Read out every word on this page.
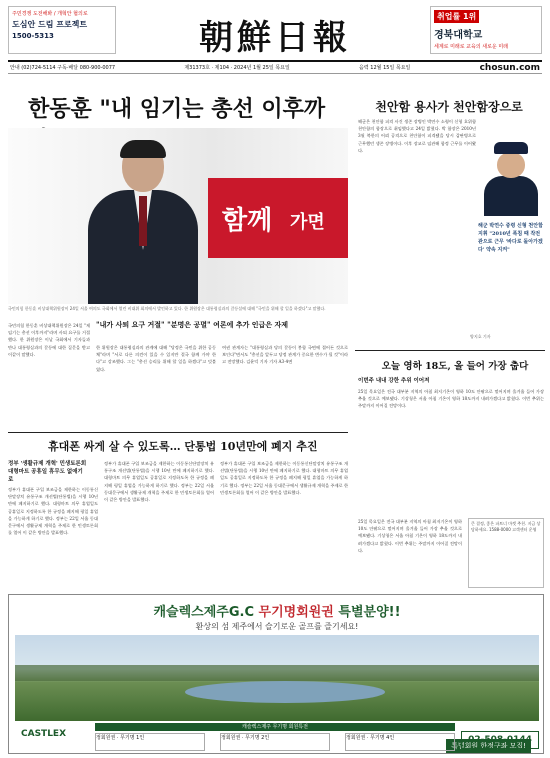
朝鮮日報
주민경쟁 도전해봐 / 개혁안 협의로
도심안 드림 프로젝트
1500-5313
취업률 1위
경북대학교
세계로 미래로 교육의 새로운 미래
안내 (02)724-5114 구독·배달 080-900-0077	제31373호 · 제104 · 2024년 1월 25일 목요일	음력 12월 15일 목요일	chosun.com
한동훈 "내 임기는 총선 이후까
함께 가면
국민의힘 한동훈 비상대책위원장이 24일 서울 여의도 국회에서 열린 비대위 회의에서 발언하고 있다. 한 위원장은 대통령실과의 갈등설에 대해 "국민을 위해 할 일을 하겠다"고 말했다.
국민의힘 한동훈 비상대책위원장은 24일 "제 임기는 총선 이후까지"라며 사퇴 요구를 거절했다. 한 위원장은 이날 국회에서 기자들과 만나 대통령실과의 갈등에 대한 질문을 받고 이같이 말했다.
"내가 사퇴 요구 거절" "분명은 공멸" 여론에 추가 인급은 자제
한 위원장은 대통령실과의 관계에 대해 "당정은 국민을 위한 공동체"라며 "서로 다른 의견이 있을 수 있지만 결국 함께 가야 한다"고 강조했다. 그는 "총선 승리를 위해 할 일을 하겠다"고 덧붙였다.
여권 관계자는 "대통령실과 당의 갈등이 봉합 국면에 접어든 것으로 보인다"면서도 "총선을 앞두고 당정 관계가 중요한 변수가 될 것"이라고 전망했다. 김윤덕 기자 기자 A3·4면
천안함 용사가 천안함장으로
해군은 천안함 피격 사건 생존 장병인 박연수 소령이 신형 호위함 천안함의 함장으로 취임했다고 24일 밝혔다. 박 함장은 2010년 3월 북한의 어뢰 공격으로 천안함이 피격됐을 당시 갑판병으로 근무했던 생존 장병이다. 이후 장교로 임관해 함정 근무를 이어왔다.
해군 박연수 중령 신형 천안함 지휘 "2010년 폭침 때 작전관으로 근무 '바다로 돌아가겠다' 약속 지켜"
양지호 기자
오늘 영하 18도, 올 들어 가장 춥다
이번주 내내 강한 추위 이어져
25일 목요일은 전국 대부분 지역의 아침 최저기온이 영하 10도 안팎으로 떨어지며 올겨울 들어 가장 추울 것으로 예보됐다. 기상청은 서울 아침 기온이 영하 18도까지 내려가겠다고 밝혔다. 이번 추위는 주말까지 이어질 전망이다.
휴대폰 싸게 살 수 있도록… 단통법 10년만에 폐지 추진
정부 '생활규제 개혁' 민생토론회 대형마트 공휴일 휴무도 없애기로
정부가 휴대폰 구입 보조금을 제한하는 이동통신단말장치 유통구조 개선법(단통법)을 시행 10년 만에 폐지하기로 했다. 대형마트 의무 휴업일도 공휴일로 지정하도록 한 규정을 폐지해 평일 휴업을 가능하게 하기로 했다. 정부는 22일 서울 동대문구에서 생활규제 개혁을 주제로 한 민생토론회를 열어 이 같은 방안을 발표했다.
정부가 휴대폰 구입 보조금을 제한하는 이동통신단말장치 유통구조 개선법(단통법)을 시행 10년 만에 폐지하기로 했다. 대형마트 의무 휴업일도 공휴일로 지정하도록 한 규정을 폐지해 평일 휴업을 가능하게 하기로 했다. 정부는 22일 서울 동대문구에서 생활규제 개혁을 주제로 한 민생토론회를 열어 이 같은 방안을 발표했다.
정부가 휴대폰 구입 보조금을 제한하는 이동통신단말장치 유통구조 개선법(단통법)을 시행 10년 만에 폐지하기로 했다. 대형마트 의무 휴업일도 공휴일로 지정하도록 한 규정을 폐지해 평일 휴업을 가능하게 하기로 했다. 정부는 22일 서울 동대문구에서 생활규제 개혁을 주제로 한 민생토론회를 열어 이 같은 방안을 발표했다.
25일 목요일은 전국 대부분 지역의 아침 최저기온이 영하 10도 안팎으로 떨어지며 올겨울 들어 가장 추울 것으로 예보됐다. 기상청은 서울 아침 기온이 영하 18도까지 내려가겠다고 밝혔다. 이번 추위는 주말까지 이어질 전망이다.
큰 결정, 좋은 파트너 마켓 추천. 지금 상담하세요. 1588-0000 고객센터 운영
캐슬렉스제주G.C 무기명회원권 특별분양!!
환상의 섬 제주에서 슬기로운 골프를 즐기세요!
특별회원 한정구좌 모집!
CASTLEX
캐슬렉스제주 무기명 회원특전
정회원권 · 무기명 1인	정회원권 · 무기명 2인	정회원권 · 무기명 4인	02-508-0144
